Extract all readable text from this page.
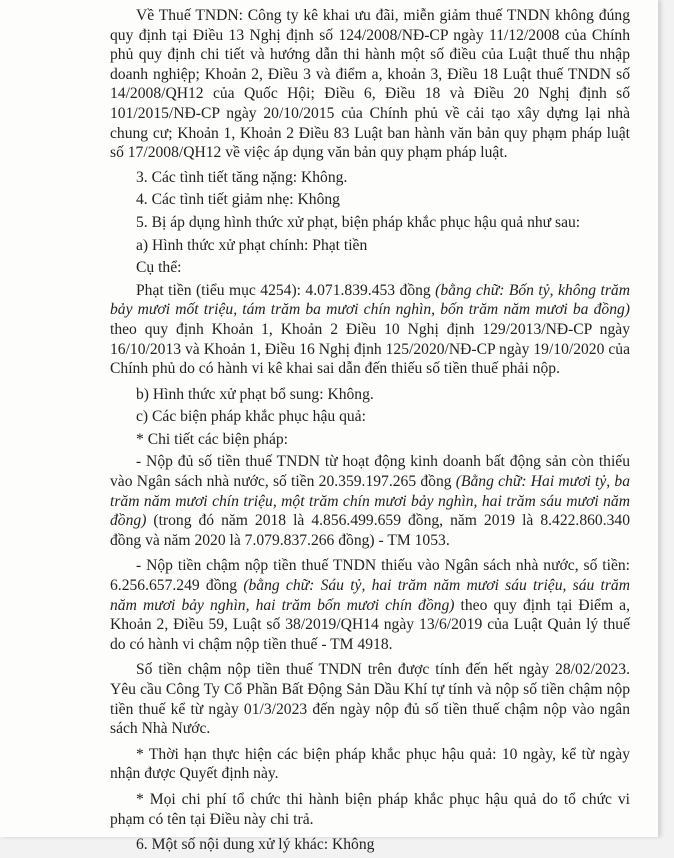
Về Thuế TNDN: Công ty kê khai ưu đãi, miễn giảm thuế TNDN không đúng quy định tại Điều 13 Nghị định số 124/2008/NĐ-CP ngày 11/12/2008 của Chính phủ quy định chi tiết và hướng dẫn thi hành một số điều của Luật thuế thu nhập doanh nghiệp; Khoản 2, Điều 3 và điểm a, khoản 3, Điều 18 Luật thuế TNDN số 14/2008/QH12 của Quốc Hội; Điều 6, Điều 18 và Điều 20 Nghị định số 101/2015/NĐ-CP ngày 20/10/2015 của Chính phủ về cải tạo xây dựng lại nhà chung cư; Khoản 1, Khoản 2 Điều 83 Luật ban hành văn bản quy phạm pháp luật số 17/2008/QH12 về việc áp dụng văn bản quy phạm pháp luật.

3. Các tình tiết tăng nặng: Không.

4. Các tình tiết giảm nhẹ: Không

5. Bị áp dụng hình thức xử phạt, biện pháp khắc phục hậu quả như sau:

a) Hình thức xử phạt chính: Phạt tiền

Cụ thể:

Phạt tiền (tiểu mục 4254): 4.071.839.453 đồng (bằng chữ: Bốn tỷ, không trăm bảy mươi mốt triệu, tám trăm ba mươi chín nghìn, bốn trăm năm mươi ba đồng) theo quy định Khoản 1, Khoản 2 Điều 10 Nghị định 129/2013/NĐ-CP ngày 16/10/2013 và Khoản 1, Điều 16 Nghị định 125/2020/NĐ-CP ngày 19/10/2020 của Chính phủ do có hành vi kê khai sai dẫn đến thiếu số tiền thuế phải nộp.

b) Hình thức xử phạt bổ sung: Không.

c) Các biện pháp khắc phục hậu quả:

* Chi tiết các biện pháp:

- Nộp đủ số tiền thuế TNDN từ hoạt động kinh doanh bất động sản còn thiếu vào Ngân sách nhà nước, số tiền 20.359.197.265 đồng (Bằng chữ: Hai mươi tỷ, ba trăm năm mươi chín triệu, một trăm chín mươi bảy nghìn, hai trăm sáu mươi năm đồng) (trong đó năm 2018 là 4.856.499.659 đồng, năm 2019 là 8.422.860.340 đồng và năm 2020 là 7.079.837.266 đồng) - TM 1053.

- Nộp tiền chậm nộp tiền thuế TNDN thiếu vào Ngân sách nhà nước, số tiền: 6.256.657.249 đồng (bằng chữ: Sáu tỷ, hai trăm năm mươi sáu triệu, sáu trăm năm mươi bảy nghìn, hai trăm bốn mươi chín đồng) theo quy định tại Điểm a, Khoản 2, Điều 59, Luật số 38/2019/QH14 ngày 13/6/2019 của Luật Quản lý thuế do có hành vi chậm nộp tiền thuế - TM 4918.

Số tiền chậm nộp tiền thuế TNDN trên được tính đến hết ngày 28/02/2023. Yêu cầu Công Ty Cổ Phần Bất Động Sản Dầu Khí tự tính và nộp số tiền chậm nộp tiền thuế kể từ ngày 01/3/2023 đến ngày nộp đủ số tiền thuế chậm nộp vào ngân sách Nhà Nước.

* Thời hạn thực hiện các biện pháp khắc phục hậu quả: 10 ngày, kể từ ngày nhận được Quyết định này.

* Mọi chi phí tổ chức thi hành biện pháp khắc phục hậu quả do tổ chức vi phạm có tên tại Điều này chi trả.

6. Một số nội dung xử lý khác: Không
